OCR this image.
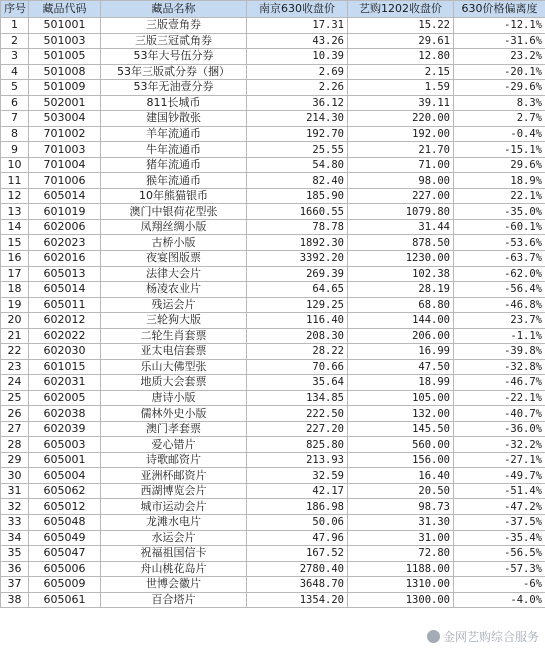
序号	藏品代码	藏品名称	南京630收盘价	艺购1202收盘价	630价格偏离度
1	501001	三版壹角券	17.31	15.22	-12.1%
2	501003	三版三冠贰角券	43.26	29.61	-31.6%
3	501005	53年大号伍分券	10.39	12.80	23.2%
4	501008	53年三版贰分券（捆）	2.69	2.15	-20.1%
5	501009	53年无油壹分券	2.26	1.59	-29.6%
6	502001	811长城币	36.12	39.11	8.3%
7	503004	建国钞散张	214.30	220.00	2.7%
8	701002	羊年流通币	192.70	192.00	-0.4%
9	701003	牛年流通币	25.55	21.70	-15.1%
10	701004	猪年流通币	54.80	71.00	29.6%
11	701006	猴年流通币	82.40	98.00	18.9%
12	605014	10年熊猫银币	185.90	227.00	22.1%
13	601019	澳门中银荷花型张	1660.55	1079.80	-35.0%
14	602006	凤翔丝绸小版	78.78	31.44	-60.1%
15	602023	古桥小版	1892.30	878.50	-53.6%
16	602016	夜宴图版票	3392.20	1230.00	-63.7%
17	605013	法律大会片	269.39	102.38	-62.0%
18	605014	杨凌农业片	64.65	28.19	-56.4%
19	605011	残运会片	129.25	68.80	-46.8%
20	602012	三轮狗大版	116.40	144.00	23.7%
21	602022	二轮生肖套票	208.30	206.00	-1.1%
22	602030	亚太电信套票	28.22	16.99	-39.8%
23	601015	乐山大佛型张	70.66	47.50	-32.8%
24	602031	地质大会套票	35.64	18.99	-46.7%
25	602005	唐诗小版	134.85	105.00	-22.1%
26	602038	儒林外史小版	222.50	132.00	-40.7%
27	602039	澳门孝套票	227.20	145.50	-36.0%
28	605003	爱心错片	825.80	560.00	-32.2%
29	605001	诗歌邮资片	213.93	156.00	-27.1%
30	605004	亚洲杯邮资片	32.59	16.40	-49.7%
31	605062	西湖博览会片	42.17	20.50	-51.4%
32	605012	城市运动会片	186.98	98.73	-47.2%
33	605048	龙滩水电片	50.06	31.30	-37.5%
34	605049	水运会片	47.96	31.00	-35.4%
35	605047	祝福祖国信卡	167.52	72.80	-56.5%
36	605006	舟山桃花岛片	2780.40	1188.00	-57.3%
37	605009	世博会徽片	3648.70	1310.00	-6%
38	605061	百合塔片	1354.20	1300.00	-4.0%
金网艺购综合服务
